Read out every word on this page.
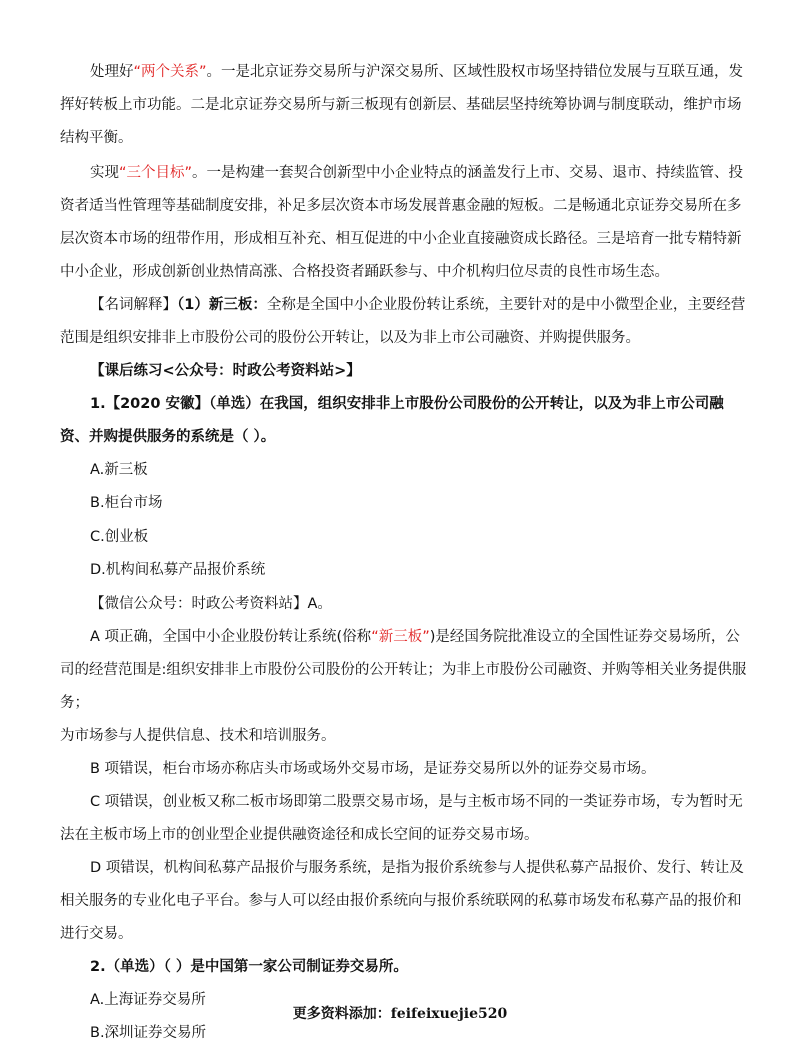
处理好“两个关系”。一是北京证券交易所与沪深交易所、区域性股权市场坚持错位发展与互联互通，发挥好转板上市功能。二是北京证券交易所与新三板现有创新层、基础层坚持统筹协调与制度联动，维护市场结构平衡。

实现“三个目标”。一是构建一套契合创新型中小企业特点的涵盖发行上市、交易、退市、持续监管、投资者适当性管理等基础制度安排，补足多层次资本市场发展普惠金融的短板。二是畅通北京证券交易所在多层次资本市场的纽带作用，形成相互补充、相互促进的中小企业直接融资成长路径。三是培育一批专精特新中小企业，形成创新创业热情高涨、合格投资者踊跃参与、中介机构归位尽责的良性市场生态。

【名词解释】（1）新三板：全称是全国中小企业股份转让系统，主要针对的是中小微型企业，主要经营范围是组织安排非上市股份公司的股份公开转让，以及为非上市公司融资、并购提供服务。

【课后练习<公众号：时政公考资料站>】

1.【2020 安徽】（单选）在我国，组织安排非上市股份公司股份的公开转让，以及为非上市公司融资、并购提供服务的系统是（ ）。

A.新三板

B.柜台市场

C.创业板

D.机构间私募产品报价系统

【微信公众号：时政公考资料站】A。

A 项正确，全国中小企业股份转让系统(俗称“新三板”)是经国务院批准设立的全国性证券交易场所，公司的经营范围是:组织安排非上市股份公司股份的公开转让；为非上市股份公司融资、并购等相关业务提供服务；
为市场参与人提供信息、技术和培训服务。

B 项错误，柜台市场亦称店头市场或场外交易市场，是证券交易所以外的证券交易市场。

C 项错误，创业板又称二板市场即第二股票交易市场，是与主板市场不同的一类证券市场，专为暂时无法在主板市场上市的创业型企业提供融资途径和成长空间的证券交易市场。

D 项错误，机构间私募产品报价与服务系统，是指为报价系统参与人提供私募产品报价、发行、转让及相关服务的专业化电子平台。参与人可以经由报价系统向与报价系统联网的私募市场发布私募产品的报价和进行交易。

2.（单选）（ ）是中国第一家公司制证券交易所。

A.上海证券交易所

B.深圳证券交易所

更多资料添加：feifeixuejie520
